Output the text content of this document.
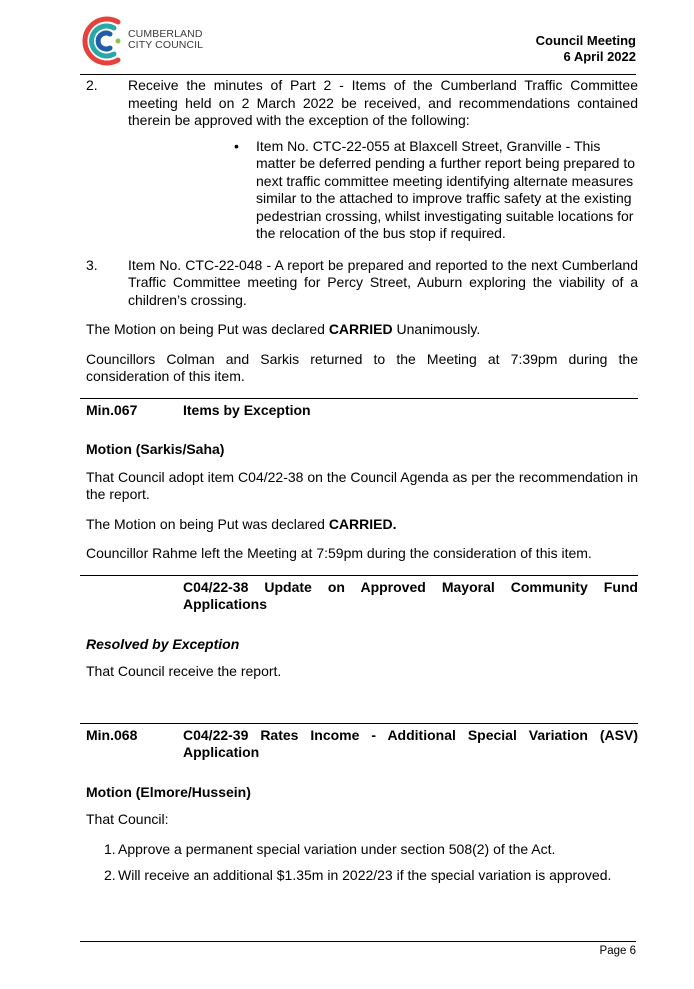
CUMBERLAND
CITY COUNCIL	Council Meeting
6 April 2022
2.	Receive the minutes of Part 2 - Items of the Cumberland Traffic Committee meeting held on 2 March 2022 be received, and recommendations contained therein be approved with the exception of the following:
•	Item No. CTC-22-055 at Blaxcell Street, Granville - This matter be deferred pending a further report being prepared to next traffic committee meeting identifying alternate measures similar to the attached to improve traffic safety at the existing pedestrian crossing, whilst investigating suitable locations for the relocation of the bus stop if required.
3.	Item No. CTC-22-048 - A report be prepared and reported to the next Cumberland Traffic Committee meeting for Percy Street, Auburn exploring the viability of a children’s crossing.

The Motion on being Put was declared CARRIED Unanimously.

Councillors Colman and Sarkis returned to the Meeting at 7:39pm during the consideration of this item.

Min.067	Items by Exception
Motion (Sarkis/Saha)

That Council adopt item C04/22-38 on the Council Agenda as per the recommendation in the report.

The Motion on being Put was declared CARRIED.

Councillor Rahme left the Meeting at 7:59pm during the consideration of this item.

C04/22-38 Update on Approved Mayoral Community Fund Applications
Resolved by Exception

That Council receive the report.

Min.068	C04/22-39 Rates Income - Additional Special Variation (ASV) Application
Motion (Elmore/Hussein)

That Council:

1. Approve a permanent special variation under section 508(2) of the Act.
2. Will receive an additional $1.35m in 2022/23 if the special variation is approved.
Page 6
